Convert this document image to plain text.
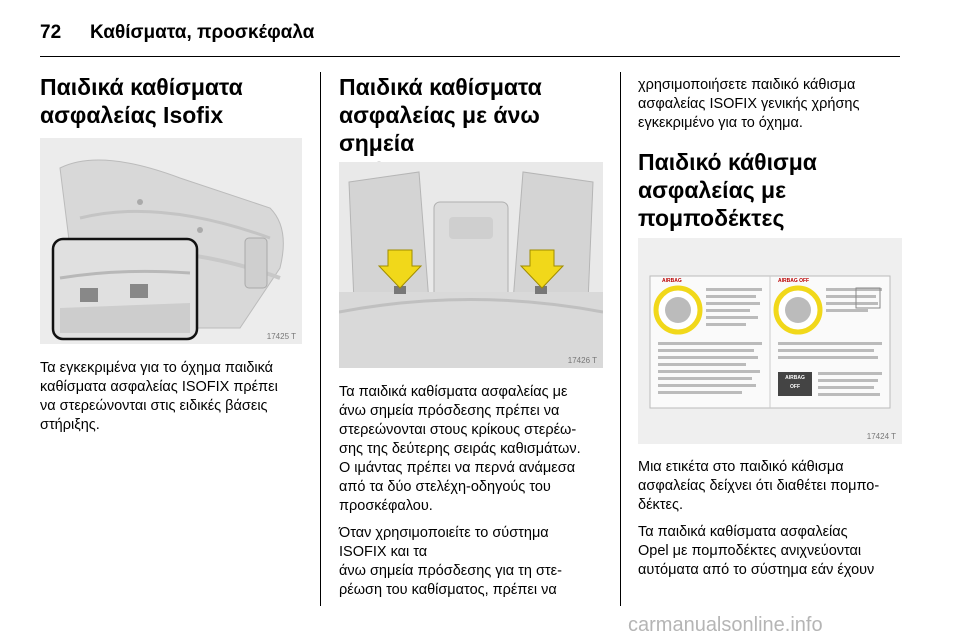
72 Καθίσματα, προσκέφαλα
Παιδικά καθίσματα
ασφαλείας Isofix
17425 T

Τα εγκεκριμένα για το όχημα παιδικά
καθίσματα ασφαλείας ISOFIX πρέπει
να στερεώνονται στις ειδικές βάσεις
στήριξης.

Παιδικά καθίσματα
ασφαλείας με άνω σημεία

17426 T

Τα παιδικά καθίσματα ασφαλείας με
άνω σημεία πρόσδεσης πρέπει να
στερεώνονται στους κρίκους στερέω-
σης της δεύτερης σειράς καθισμάτων.
Ο ιμάντας πρέπει να περνά ανάμεσα
από τα δύο στελέχη-οδηγούς του
προσκέφαλου.

Όταν χρησιμοποιείτε το σύστημα
ISOFIX και τα
άνω σημεία πρόσδεσης για τη στε-
ρέωση του καθίσματος, πρέπει να

χρησιμοποιήσετε παιδικό κάθισμα
ασφαλείας ISOFIX γενικής χρήσης
εγκεκριμένο για το όχημα.

Παιδικό κάθισμα
ασφαλείας με
πομποδέκτες
AIRBAG	AIRBAG OFF
AIRBAG
OFF
17424 T

Μια ετικέτα στο παιδικό κάθισμα
ασφαλείας δείχνει ότι διαθέτει πομπο-
δέκτες.

Τα παιδικά καθίσματα ασφαλείας
Opel με πομποδέκτες ανιχνεύονται
αυτόματα από το σύστημα εάν έχουν

carmanualsonline.info
